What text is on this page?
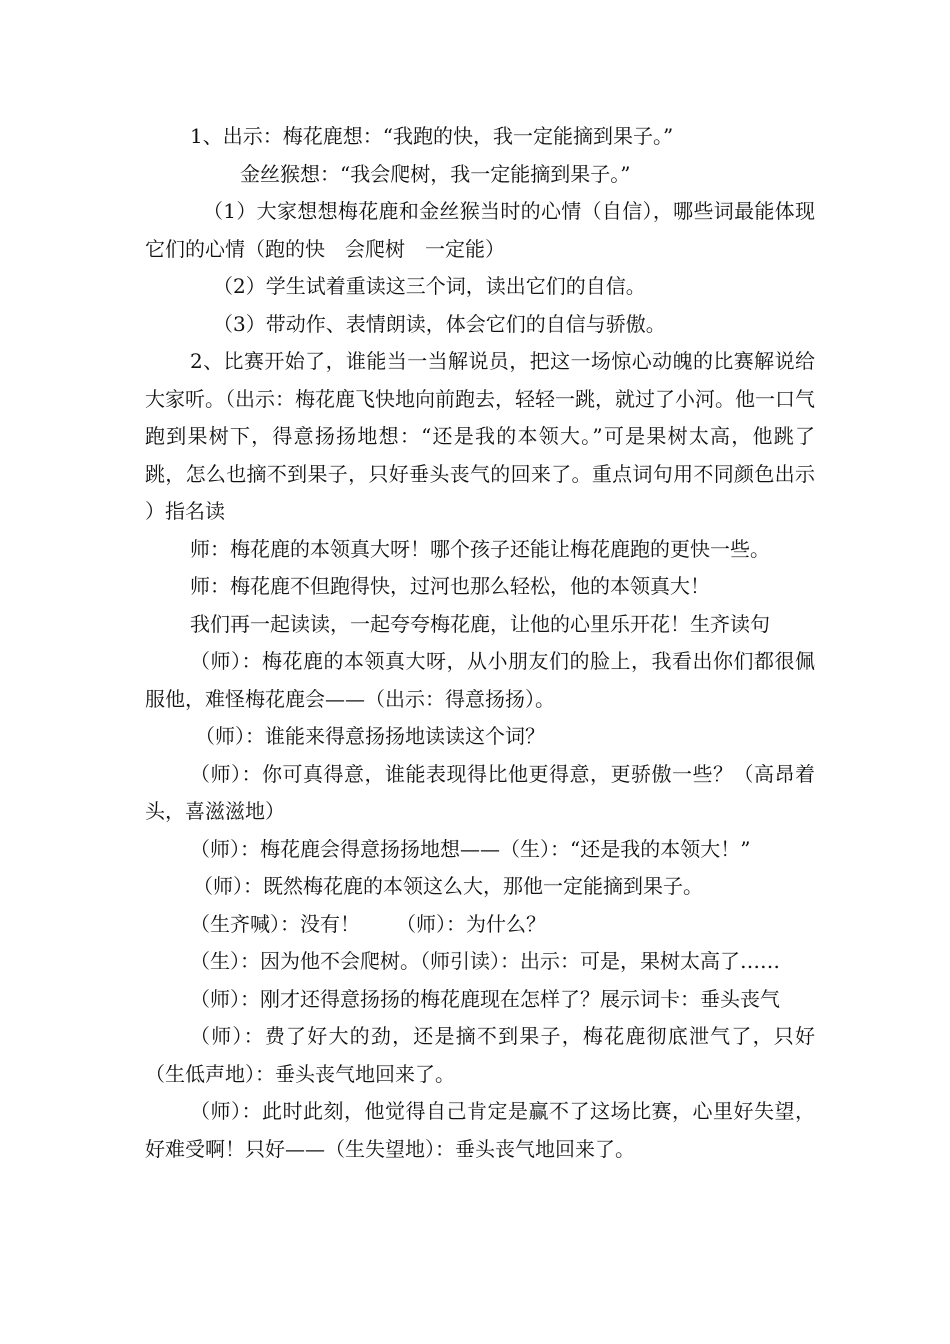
1、出示：梅花鹿想：“我跑的快，我一定能摘到果子。”

金丝猴想：“我会爬树，我一定能摘到果子。”

（1）大家想想梅花鹿和金丝猴当时的心情（自信），哪些词最能体现它们的心情（跑的快　会爬树　一定能）

（2）学生试着重读这三个词，读出它们的自信。

（3）带动作、表情朗读，体会它们的自信与骄傲。

2、比赛开始了，谁能当一当解说员，把这一场惊心动魄的比赛解说给大家听。（出示：梅花鹿飞快地向前跑去，轻轻一跳，就过了小河。他一口气跑到果树下，得意扬扬地想：“还是我的本领大。”可是果树太高，他跳了跳，怎么也摘不到果子，只好垂头丧气的回来了。重点词句用不同颜色出示 ）指名读

师：梅花鹿的本领真大呀！哪个孩子还能让梅花鹿跑的更快一些。

师：梅花鹿不但跑得快，过河也那么轻松，他的本领真大！

我们再一起读读，一起夸夸梅花鹿，让他的心里乐开花！生齐读句

（师）：梅花鹿的本领真大呀，从小朋友们的脸上，我看出你们都很佩服他，难怪梅花鹿会——（出示：得意扬扬）。

（师）：谁能来得意扬扬地读读这个词？

（师）：你可真得意，谁能表现得比他更得意，更骄傲一些？（高昂着头，喜滋滋地）

（师）：梅花鹿会得意扬扬地想——（生）：“还是我的本领大！”

（师）：既然梅花鹿的本领这么大，那他一定能摘到果子。

（生齐喊）：没有！ （师）：为什么？

（生）：因为他不会爬树。（师引读）：出示：可是，果树太高了……

（师）：刚才还得意扬扬的梅花鹿现在怎样了？展示词卡：垂头丧气

（师）：费了好大的劲，还是摘不到果子，梅花鹿彻底泄气了，只好（生低声地）：垂头丧气地回来了。

（师）：此时此刻，他觉得自己肯定是赢不了这场比赛，心里好失望，好难受啊！只好——（生失望地）：垂头丧气地回来了。
